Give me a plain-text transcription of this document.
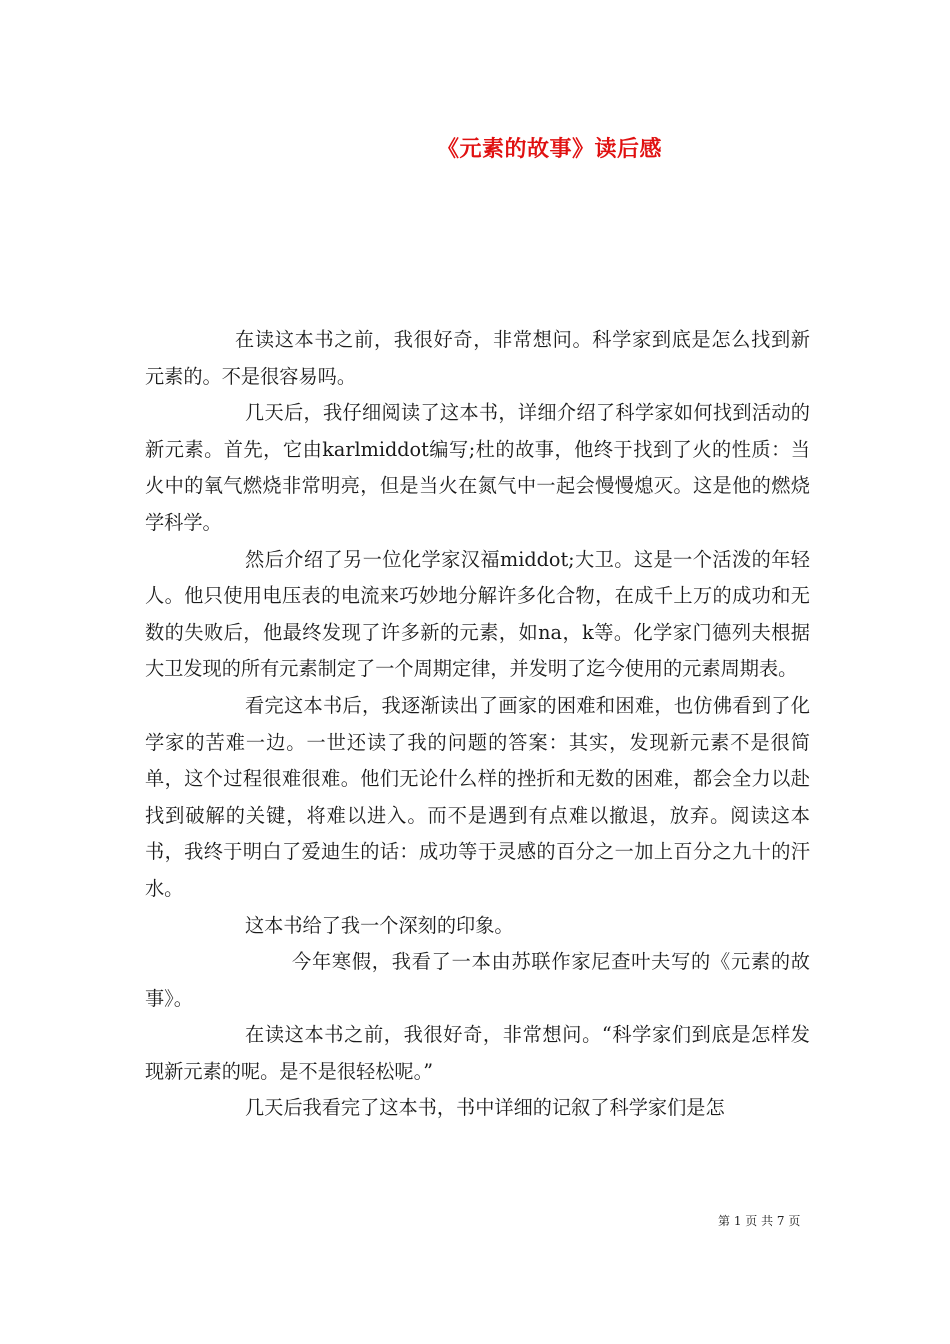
《元素的故事》读后感

在读这本书之前，我很好奇，非常想问。科学家到底是怎么找到新元素的。不是很容易吗。

几天后，我仔细阅读了这本书，详细介绍了科学家如何找到活动的新元素。首先，它由karlmiddot编写;杜的故事，他终于找到了火的性质：当火中的氧气燃烧非常明亮，但是当火在氮气中一起会慢慢熄灭。这是他的燃烧学科学。

然后介绍了另一位化学家汉福middot;大卫。这是一个活泼的年轻人。他只使用电压表的电流来巧妙地分解许多化合物，在成千上万的成功和无数的失败后，他最终发现了许多新的元素，如na，k等。化学家门德列夫根据大卫发现的所有元素制定了一个周期定律，并发明了迄今使用的元素周期表。

看完这本书后，我逐渐读出了画家的困难和困难，也仿佛看到了化学家的苦难一边。一世还读了我的问题的答案：其实，发现新元素不是很简单，这个过程很难很难。他们无论什么样的挫折和无数的困难，都会全力以赴找到破解的关键，将难以进入。而不是遇到有点难以撤退，放弃。阅读这本书，我终于明白了爱迪生的话：成功等于灵感的百分之一加上百分之九十的汗水。

这本书给了我一个深刻的印象。

今年寒假，我看了一本由苏联作家尼查叶夫写的《元素的故事》。

在读这本书之前，我很好奇，非常想问。“科学家们到底是怎样发现新元素的呢。是不是很轻松呢。”

几天后我看完了这本书，书中详细的记叙了科学家们是怎

第 1 页 共 7 页
